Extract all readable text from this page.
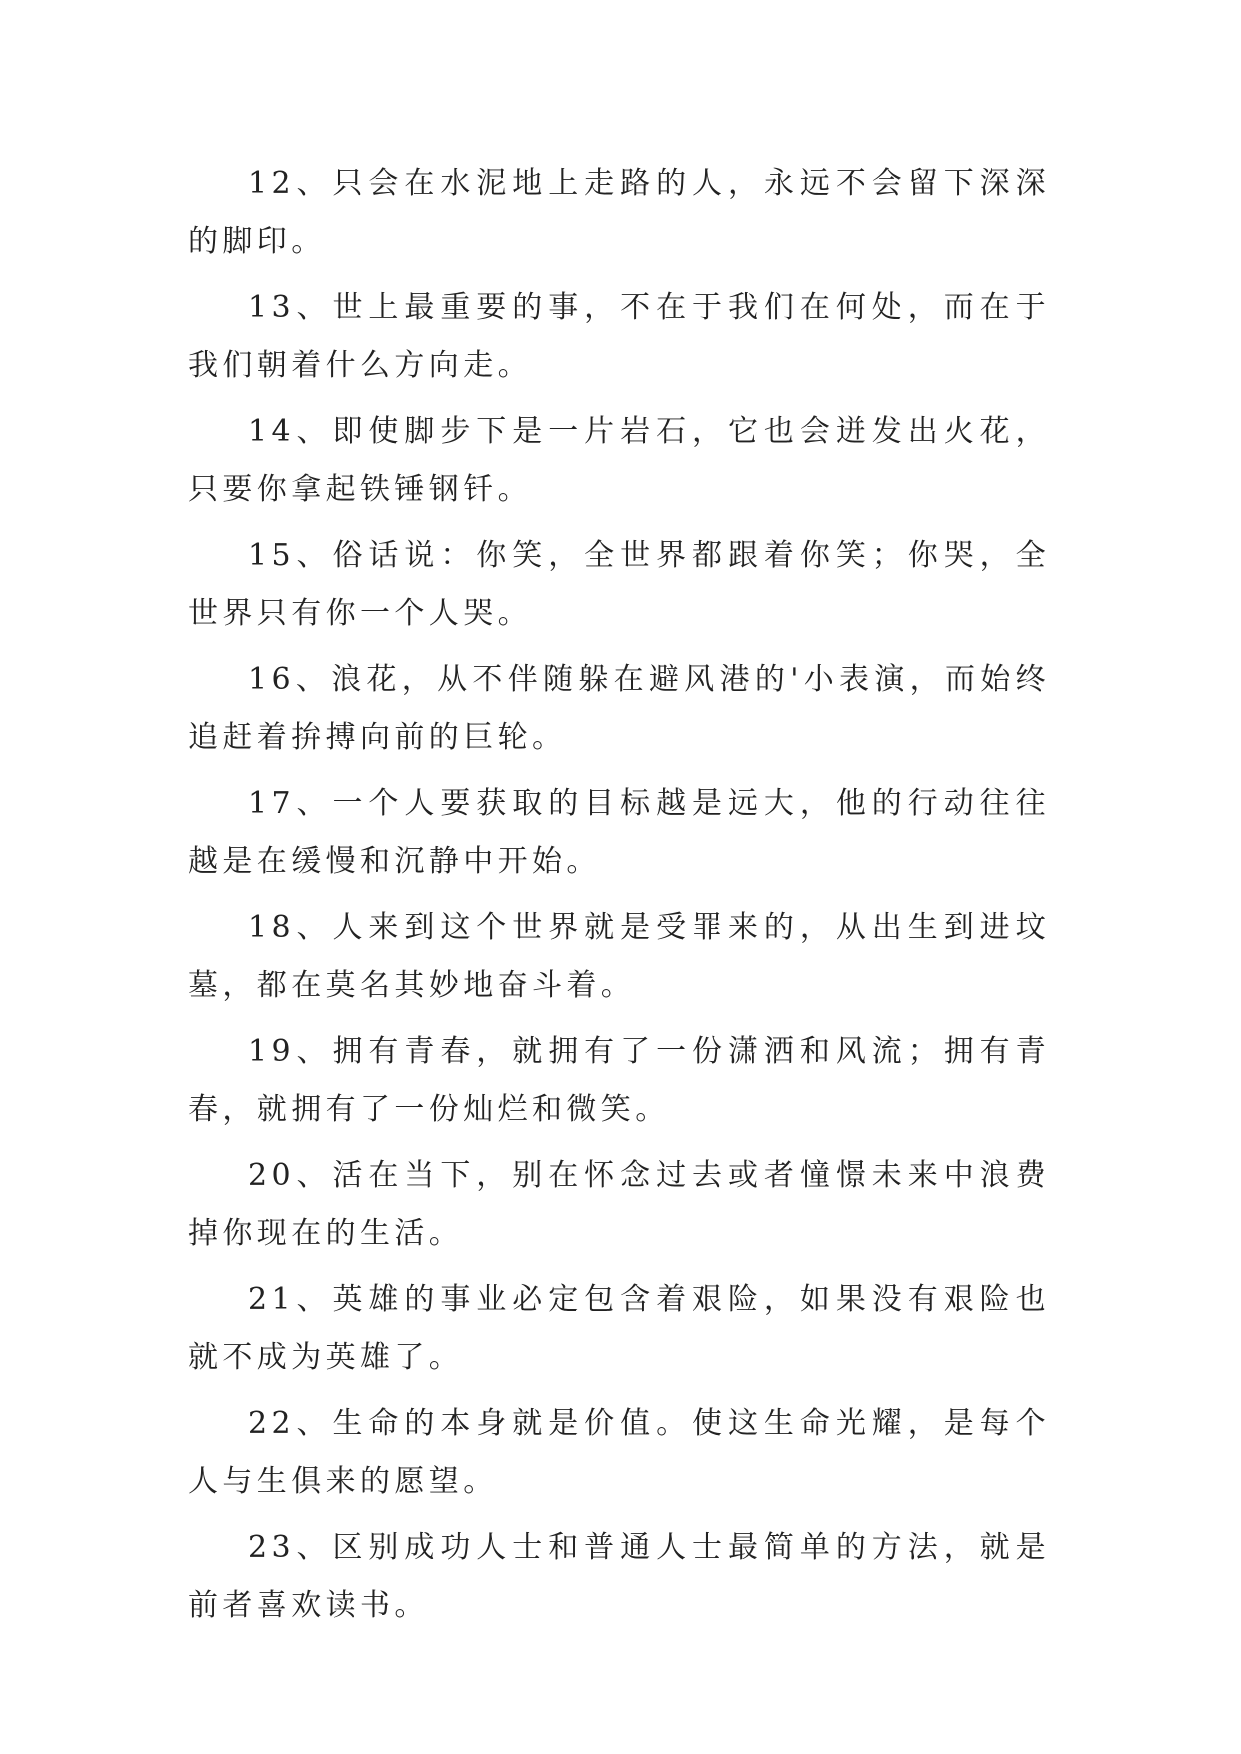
12、只会在水泥地上走路的人，永远不会留下深深的脚印。

13、世上最重要的事，不在于我们在何处，而在于我们朝着什么方向走。

14、即使脚步下是一片岩石，它也会迸发出火花，只要你拿起铁锤钢钎。

15、俗话说：你笑，全世界都跟着你笑；你哭，全世界只有你一个人哭。

16、浪花，从不伴随躲在避风港的'小表演，而始终追赶着拚搏向前的巨轮。

17、一个人要获取的目标越是远大，他的行动往往越是在缓慢和沉静中开始。

18、人来到这个世界就是受罪来的，从出生到进坟墓，都在莫名其妙地奋斗着。

19、拥有青春，就拥有了一份潇洒和风流；拥有青春，就拥有了一份灿烂和微笑。

20、活在当下，别在怀念过去或者憧憬未来中浪费掉你现在的生活。

21、英雄的事业必定包含着艰险，如果没有艰险也就不成为英雄了。

22、生命的本身就是价值。使这生命光耀，是每个人与生俱来的愿望。

23、区别成功人士和普通人士最简单的方法，就是前者喜欢读书。
